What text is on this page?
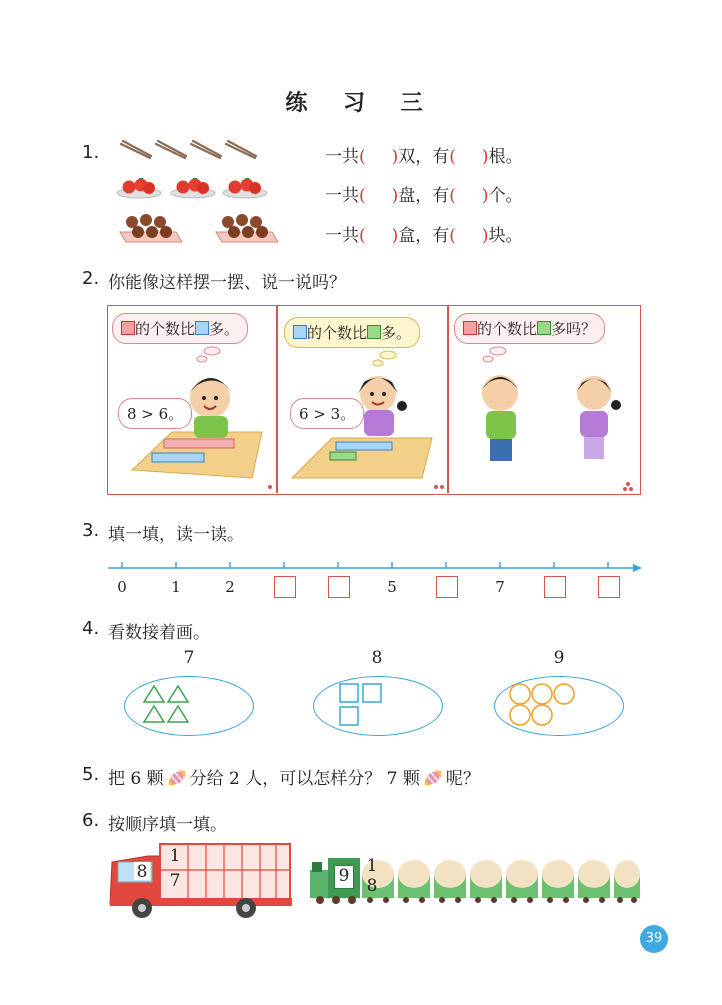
练 习 三
1.	一共( )双，有( )根。
一共( )盘，有( )个。
一共( )盒，有( )块。
2. 你能像这样摆一摆、说一说吗？
的个数比 多。
8 > 6。
的个数比 多。
6 > 3。
的个数比 多吗？
3. 填一填，读一读。
0	1	2	5	7
4. 看数接着画。
7	8	9
5. 把 6 颗 分给 2 人，可以怎样分？ 7 颗 呢？
6. 按顺序填一填。
8
1
7	9 1
8
39
